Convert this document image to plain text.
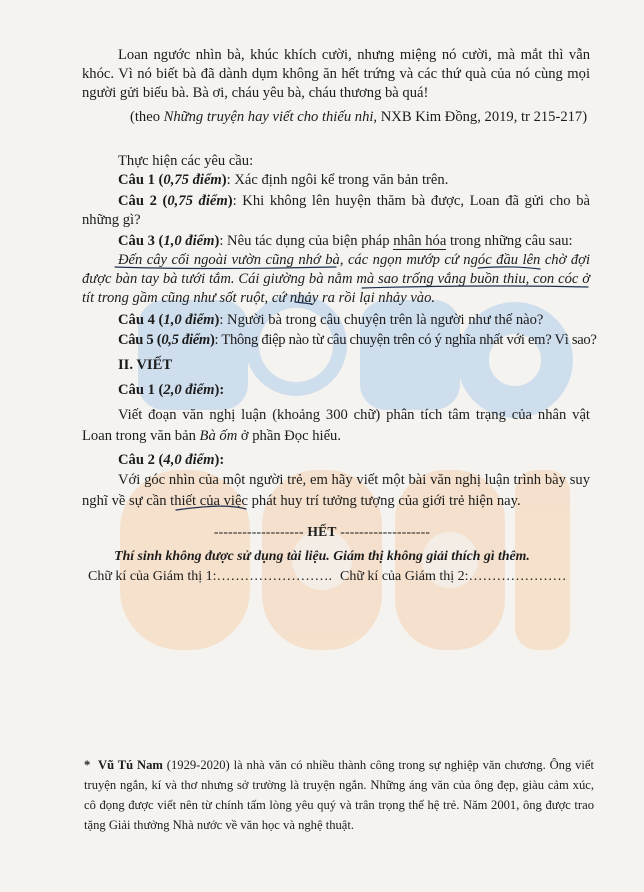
Loan ngước nhìn bà, khúc khích cười, nhưng miệng nó cười, mà mắt thì vẫn khóc. Vì nó biết bà đã dành dụm không ăn hết trứng và các thứ quà của nó cùng mọi người gửi biếu bà. Bà ơi, cháu yêu bà, cháu thương bà quá!
(theo Những truyện hay viết cho thiếu nhi, NXB Kim Đồng, 2019, tr 215-217)
Thực hiện các yêu cầu:
Câu 1 (0,75 điểm): Xác định ngôi kể trong văn bản trên.
Câu 2 (0,75 điểm): Khi không lên huyện thăm bà được, Loan đã gửi cho bà những gì?
Câu 3 (1,0 điểm): Nêu tác dụng của biện pháp nhân hóa trong những câu sau:
Đến cây cối ngoài vườn cũng nhớ bà, các ngọn mướp cứ ngóc đầu lên chờ đợi được bàn tay bà tưới tắm. Cái giường bà nằm mà sao trống vắng buồn thiu, con cóc ở tít trong gầm cũng như sốt ruột, cứ nhảy ra rồi lại nhảy vào.
Câu 4 (1,0 điểm): Người bà trong câu chuyện trên là người như thế nào?
Câu 5 (0,5 điểm): Thông điệp nào từ câu chuyện trên có ý nghĩa nhất với em? Vì sao?
II. VIẾT
Câu 1 (2,0 điểm):
Viết đoạn văn nghị luận (khoảng 300 chữ) phân tích tâm trạng của nhân vật Loan trong văn bản Bà ốm ở phần Đọc hiểu.
Câu 2 (4,0 điểm):
Với góc nhìn của một người trẻ, em hãy viết một bài văn nghị luận trình bày suy nghĩ về sự cần thiết của việc phát huy trí tưởng tượng của giới trẻ hiện nay.
------------------- HẾT -------------------
Thí sinh không được sử dụng tài liệu. Giám thị không giải thích gì thêm.
Chữ kí của Giám thị 1:……………………. Chữ kí của Giám thị 2:…………………
* Vũ Tú Nam (1929-2020) là nhà văn có nhiều thành công trong sự nghiệp văn chương. Ông viết truyện ngắn, kí và thơ nhưng sở trường là truyện ngắn. Những áng văn của ông đẹp, giàu cảm xúc, cô đọng được viết nên từ chính tấm lòng yêu quý và trân trọng thế hệ trẻ. Năm 2001, ông được trao tặng Giải thưởng Nhà nước về văn học và nghệ thuật.
